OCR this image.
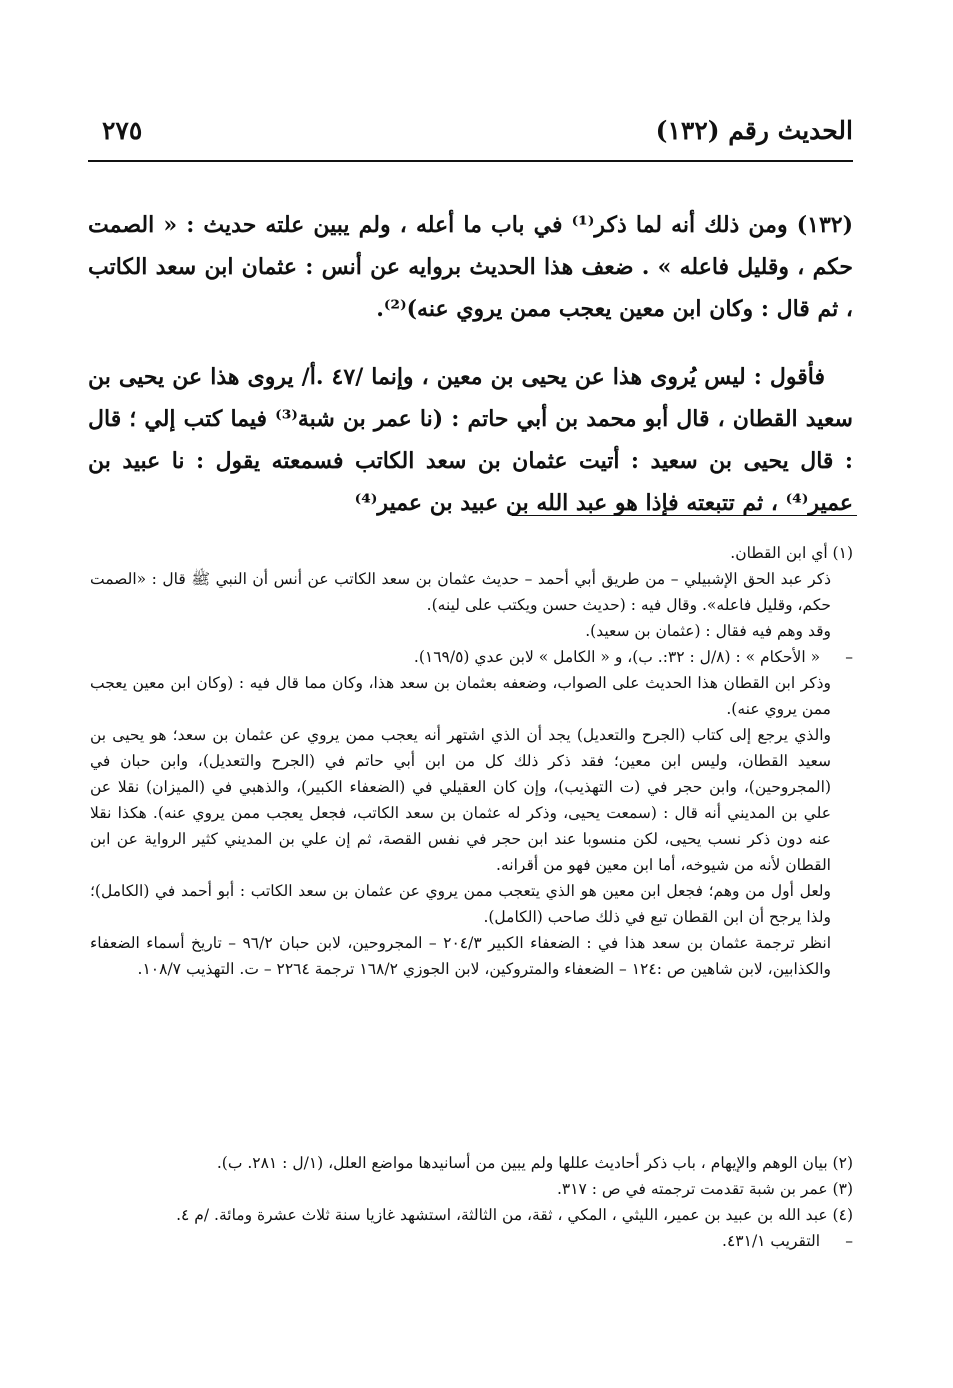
الحديث رقم (١٣٢)
٢٧٥

(١٣٢) ومن ذلك أنه لما ذكر⁽¹⁾ في باب ما أعله ، ولم يبين علته حديث : « الصمت حكم ، وقليل فاعله » . ضعف هذا الحديث بروايه عن أنس : عثمان ابن سعد الكاتب ، ثم قال : وكان ابن معين يعجب ممن يروي عنه)⁽²⁾.

فأقول : ليس يُروى هذا عن يحيى بن معين ، وإنما /٤٧ .أ/ يروى هذا عن يحيى بن سعيد القطان ، قال أبو محمد بن أبي حاتم : (نا عمر بن شبة⁽³⁾ فيما كتب إلي ؛ قال : قال يحيى بن سعيد : أتيت عثمان بن سعد الكاتب فسمعته يقول : نا عبيد بن عمير⁽⁴⁾ ، ثم تتبعته فإذا هو عبد الله بن عبيد بن عمير⁽⁴⁾

(١) أي ابن القطان.

ذكر عبد الحق الإشبيلي – من طريق أبي أحمد – حديث عثمان بن سعد الكاتب عن أنس أن النبي ﷺ قال : «الصمت حكم، وقليل فاعله». وقال فيه : (حديث حسن ويكتب على لينه).

وقد وهم فيه فقال : (عثمان بن سعيد).

– « الأحكام » : (٨/ل : ٣٢:. ب)، و « الكامل » لابن عدي (١٦٩/٥).

وذكر ابن القطان هذا الحديث على الصواب، وضعفه بعثمان بن سعد هذا، وكان مما قال فيه : (وكان ابن معين يعجب ممن يروي عنه).

والذي يرجع إلى كتاب (الجرح والتعديل) يجد أن الذي اشتهر أنه يعجب ممن يروي عن عثمان بن سعد؛ هو يحيى بن سعيد القطان، وليس ابن معين؛ فقد ذكر ذلك كل من ابن أبي حاتم في (الجرح والتعديل)، وابن حبان في (المجروحين)، وابن حجر في (ت التهذيب)، وإن كان العقيلي في (الضعفاء الكبير)، والذهبي في (الميزان) نقلا عن علي بن المديني أنه قال : (سمعت يحيى، وذكر له عثمان بن سعد الكاتب، فجعل يعجب ممن يروي عنه). هكذا نقلا عنه دون ذكر نسب يحيى، لكن منسوبا عند ابن حجر في نفس القصة، ثم إن علي بن المديني كثير الرواية عن ابن القطان لأنه من شيوخه، أما ابن معين فهو من أقرانه.

ولعل أول من وهم؛ فجعل ابن معين هو الذي يتعجب ممن يروي عن عثمان بن سعد الكاتب : أبو أحمد في (الكامل)؛ ولذا يرجح أن ابن القطان تبع في ذلك صاحب (الكامل).

انظر ترجمة عثمان بن سعد هذا في : الضعفاء الكبير ٢٠٤/٣ – المجروحين، لابن حبان ٩٦/٢ – تاريخ أسماء الضعفاء والكذابين، لابن شاهين ص :١٢٤ – الضعفاء والمتروكين، لابن الجوزي ١٦٨/٢ ترجمة ٢٢٦٤ – ت. التهذيب ١٠٨/٧.

(٢) بيان الوهم والإيهام ، باب ذكر أحاديث عللها ولم يبين من أسانيدها مواضع العلل، (١/ل : ٢٨١. ب).

(٣) عمر بن شبة تقدمت ترجمته في ص : ٣١٧.

(٤) عبد الله بن عبيد بن عمير، الليثي ، المكي ، ثقة، من الثالثة، استشهد غازيا سنة ثلاث عشرة ومائة. /م ٤.

– التقريب ٤٣١/١.
